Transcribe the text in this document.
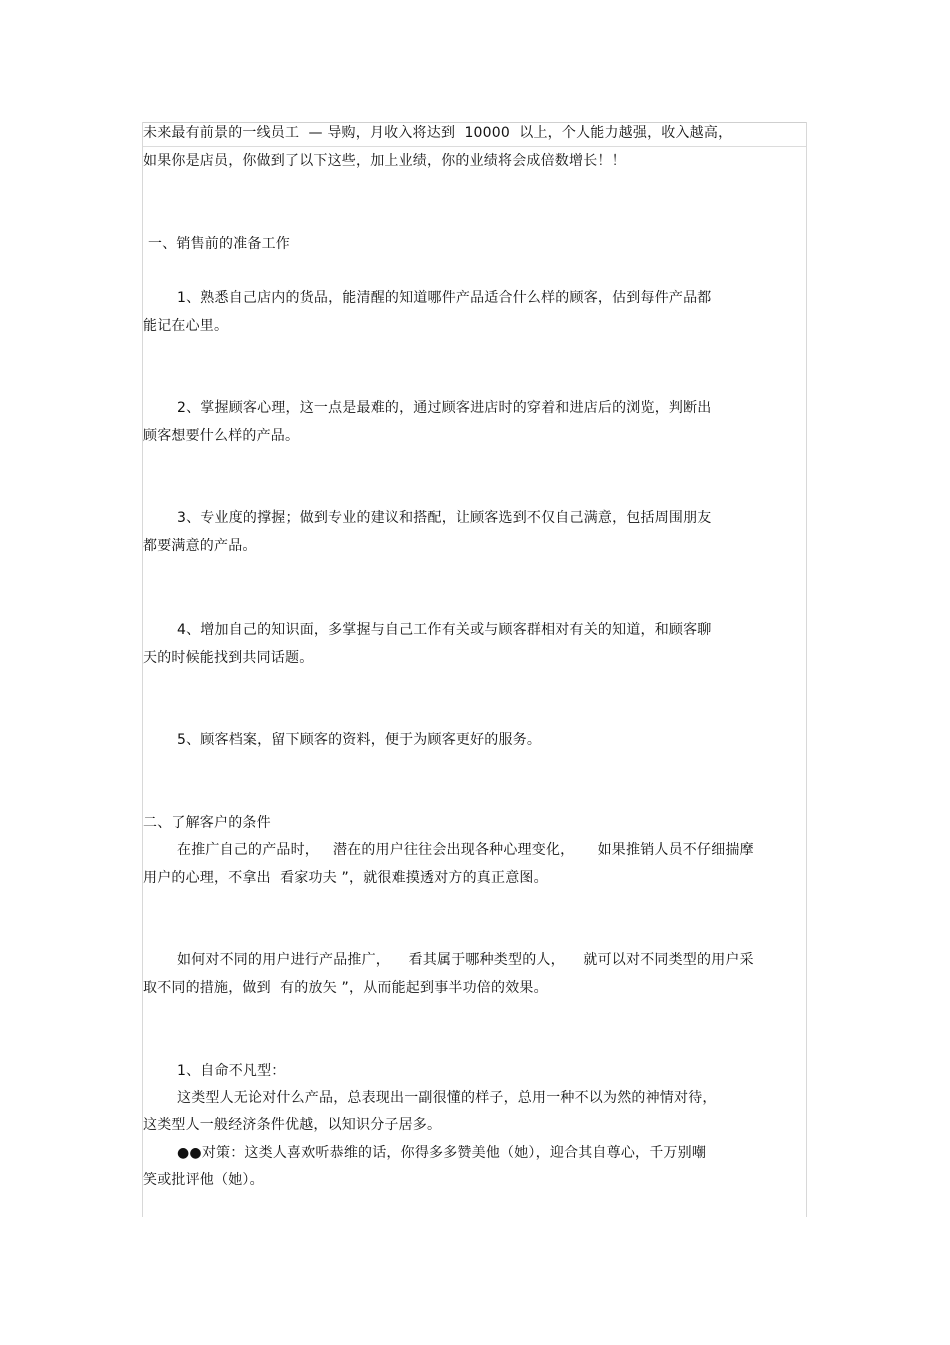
未来最有前景的一线员工  — 导购，月收入将达到  10000  以上，个人能力越强，收入越高，
如果你是店员，你做到了以下这些，加上业绩，你的业绩将会成倍数增长！！
一、销售前的准备工作
1、熟悉自己店内的货品，能清醒的知道哪件产品适合什么样的顾客，估到每件产品都
能记在心里。
2、掌握顾客心理，这一点是最难的，通过顾客进店时的穿着和进店后的浏览，判断出
顾客想要什么样的产品。
3、专业度的撑握；做到专业的建议和搭配，让顾客选到不仅自己满意，包括周围朋友
都要满意的产品。
4、增加自己的知识面，多掌握与自己工作有关或与顾客群相对有关的知道，和顾客聊
天的时候能找到共同话题。
5、顾客档案，留下顾客的资料，便于为顾客更好的服务。
二、了解客户的条件
在推广自己的产品时，   潜在的用户往往会出现各种心理变化，     如果推销人员不仔细揣摩
用户的心理，不拿出  看家功夫 ”，就很难摸透对方的真正意图。
如何对不同的用户进行产品推广，    看其属于哪种类型的人，    就可以对不同类型的用户采
取不同的措施，做到  有的放矢 ”，从而能起到事半功倍的效果。
1、自命不凡型：
这类型人无论对什么产品，总表现出一副很懂的样子，总用一种不以为然的神情对待，
这类型人一般经济条件优越，以知识分子居多。
●●对策：这类人喜欢听恭维的话，你得多多赞美他（她），迎合其自尊心，千万别嘲
笑或批评他（她）。
